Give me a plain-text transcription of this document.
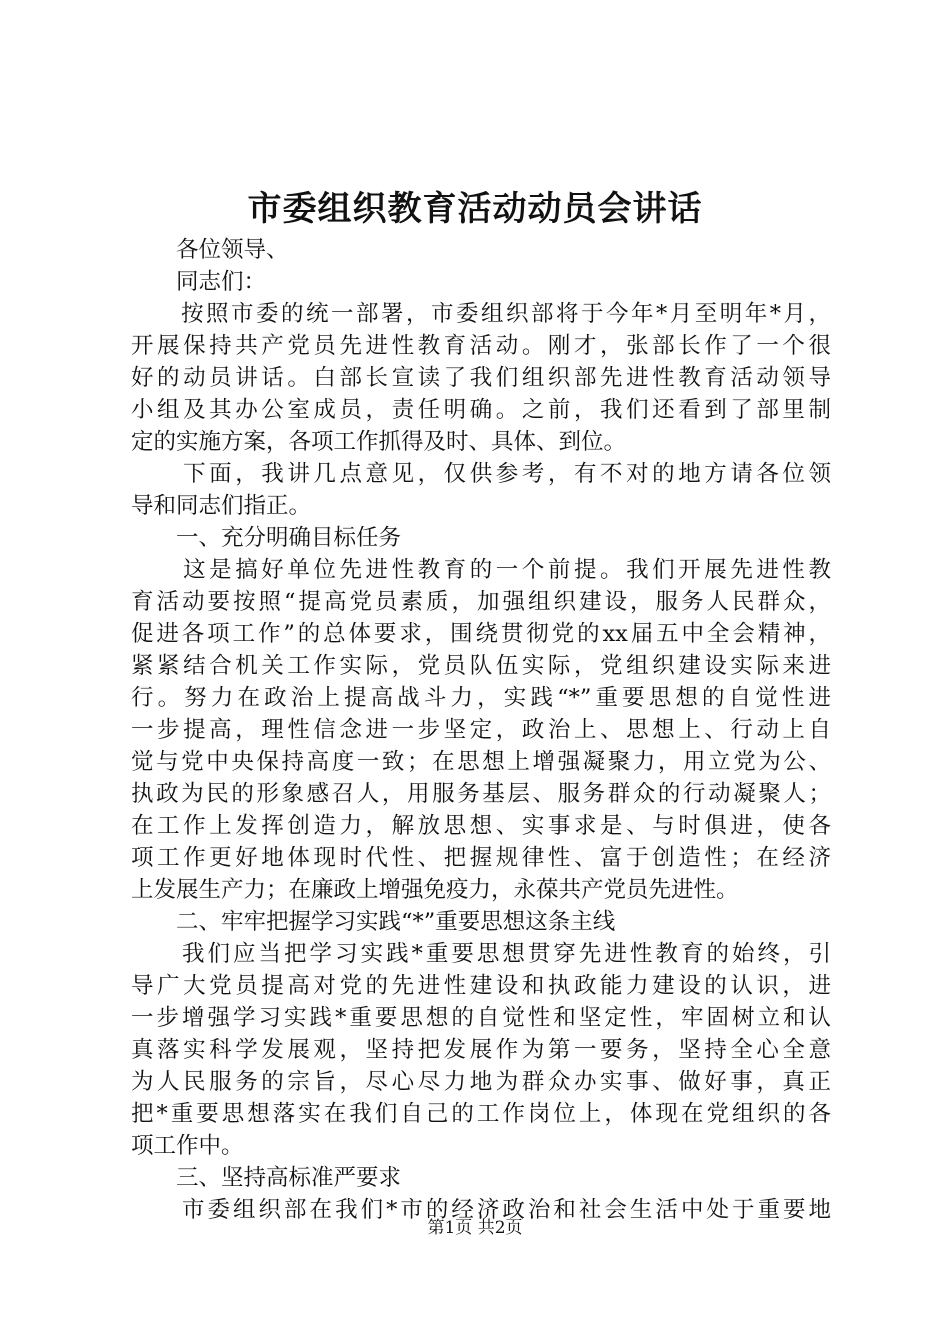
市委组织教育活动动员会讲话
　　各位领导、
　　同志们：
　　按照市委的统一部署，市委组织部将于今年*月至明年*月，
开展保持共产党员先进性教育活动。刚才，张部长作了一个很
好的动员讲话。白部长宣读了我们组织部先进性教育活动领导
小组及其办公室成员，责任明确。之前，我们还看到了部里制
定的实施方案，各项工作抓得及时、具体、到位。
　　下面，我讲几点意见，仅供参考，有不对的地方请各位领
导和同志们指正。
　　一、充分明确目标任务
　　这是搞好单位先进性教育的一个前提。我们开展先进性教
育活动要按照“提高党员素质，加强组织建设，服务人民群众，
促进各项工作”的总体要求，围绕贯彻党的xx届五中全会精神，
紧紧结合机关工作实际，党员队伍实际，党组织建设实际来进
行。努力在政治上提高战斗力，实践“*”重要思想的自觉性进
一步提高，理性信念进一步坚定，政治上、思想上、行动上自
觉与党中央保持高度一致；在思想上增强凝聚力，用立党为公、
执政为民的形象感召人，用服务基层、服务群众的行动凝聚人；
在工作上发挥创造力，解放思想、实事求是、与时俱进，使各
项工作更好地体现时代性、把握规律性、富于创造性；在经济
上发展生产力；在廉政上增强免疫力，永葆共产党员先进性。
　　二、牢牢把握学习实践“*”重要思想这条主线
　　我们应当把学习实践*重要思想贯穿先进性教育的始终，引
导广大党员提高对党的先进性建设和执政能力建设的认识，进
一步增强学习实践*重要思想的自觉性和坚定性，牢固树立和认
真落实科学发展观，坚持把发展作为第一要务，坚持全心全意
为人民服务的宗旨，尽心尽力地为群众办实事、做好事，真正
把*重要思想落实在我们自己的工作岗位上，体现在党组织的各
项工作中。
　　三、坚持高标准严要求
　　市委组织部在我们*市的经济政治和社会生活中处于重要地
第1页 共2页
